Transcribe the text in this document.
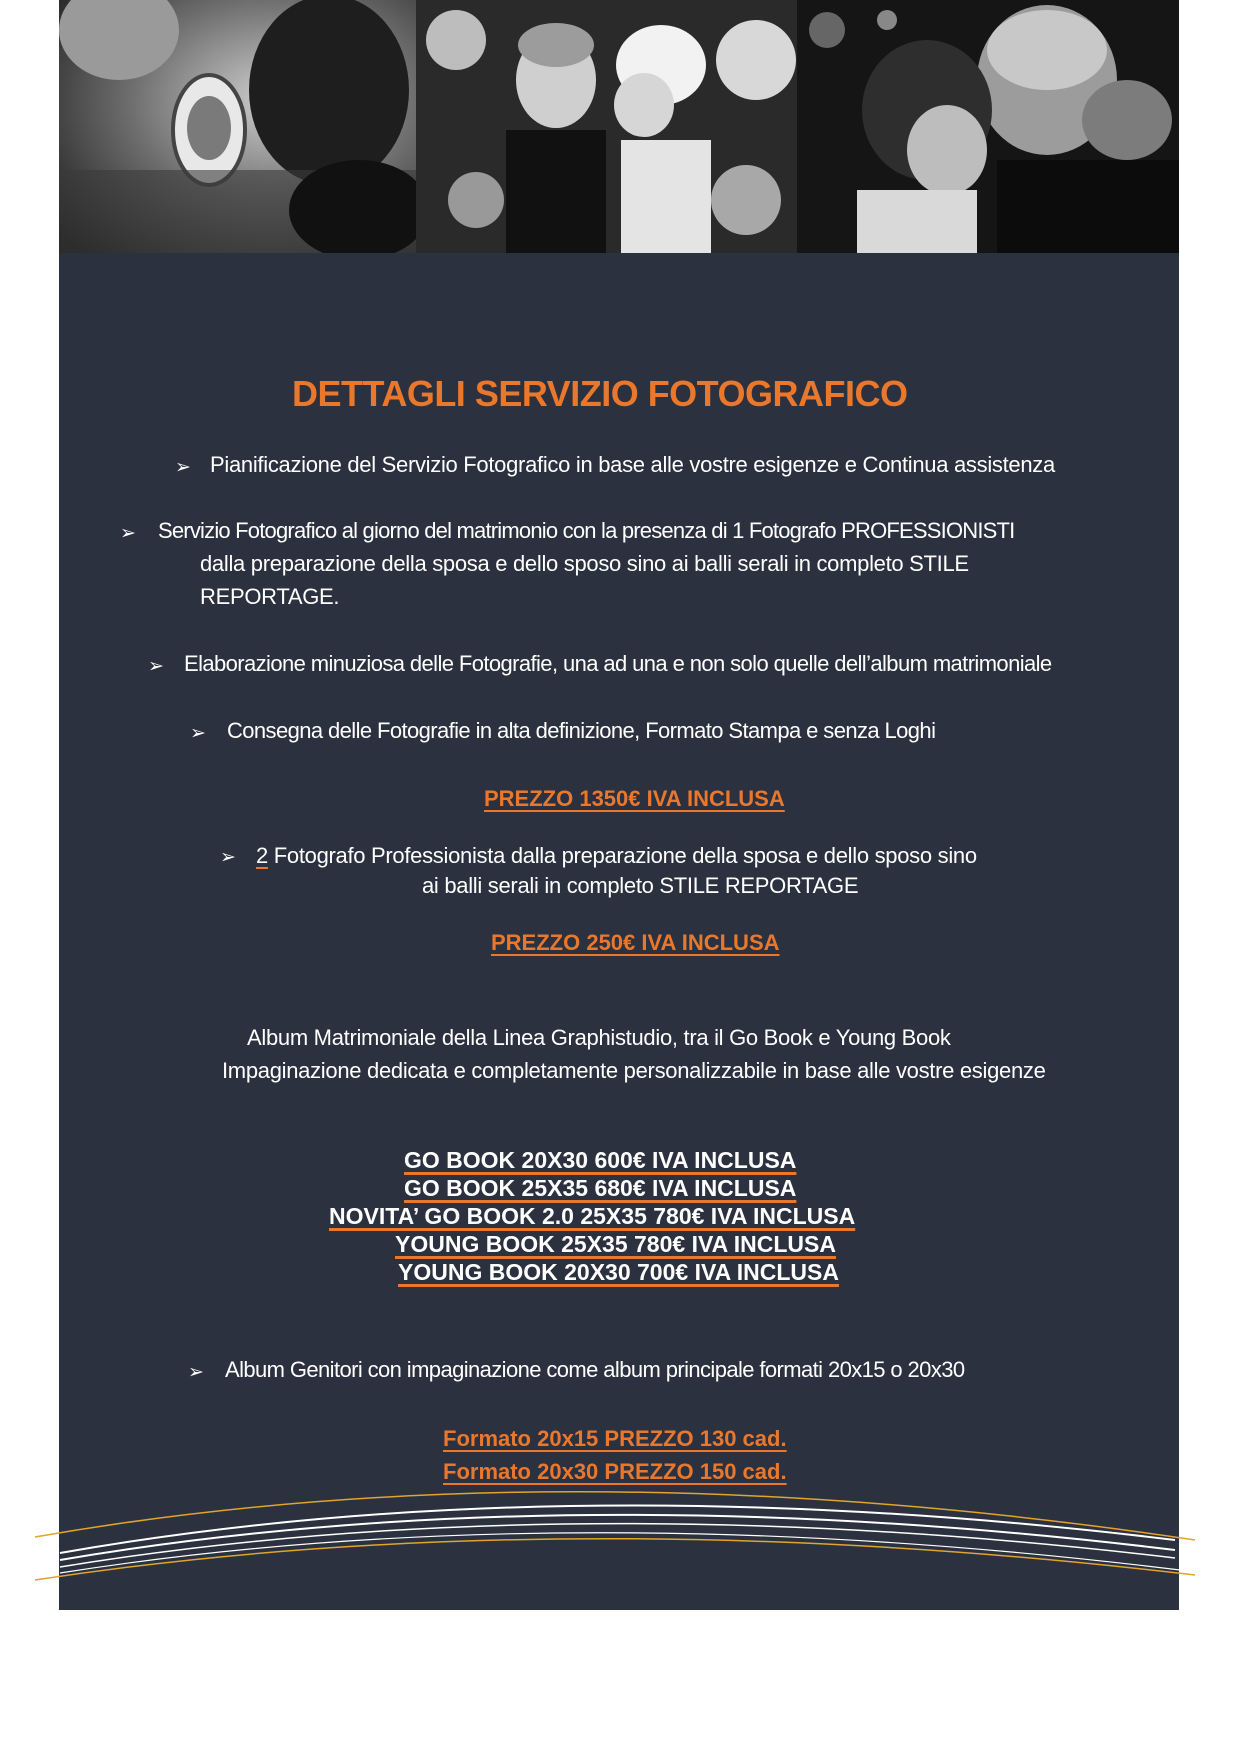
DETTAGLI SERVIZIO FOTOGRAFICO
➢ Pianificazione del Servizio Fotografico in base alle vostre esigenze e Continua assistenza
➢ Servizio Fotografico al giorno del matrimonio con la presenza di 1 Fotografo PROFESSIONISTI
dalla preparazione della sposa e dello sposo sino ai balli serali in completo STILE
REPORTAGE.
➢ Elaborazione minuziosa delle Fotografie, una ad una e non solo quelle dell’album matrimoniale
➢ Consegna delle Fotografie in alta definizione, Formato Stampa e senza Loghi
PREZZO 1350€ IVA INCLUSA
➢ 2 Fotografo Professionista dalla preparazione della sposa e dello sposo sino
ai balli serali in completo STILE REPORTAGE
PREZZO 250€ IVA INCLUSA
Album Matrimoniale della Linea Graphistudio, tra il Go Book e Young Book
Impaginazione dedicata e completamente personalizzabile in base alle vostre esigenze
GO BOOK 20X30 600€ IVA INCLUSA
GO BOOK 25X35 680€ IVA INCLUSA
NOVITA’ GO BOOK 2.0 25X35 780€ IVA INCLUSA
YOUNG BOOK 25X35 780€ IVA INCLUSA
YOUNG BOOK 20X30 700€ IVA INCLUSA
➢ Album Genitori con impaginazione come album principale formati 20x15 o 20x30
Formato 20x15 PREZZO 130 cad.
Formato 20x30 PREZZO 150 cad.
